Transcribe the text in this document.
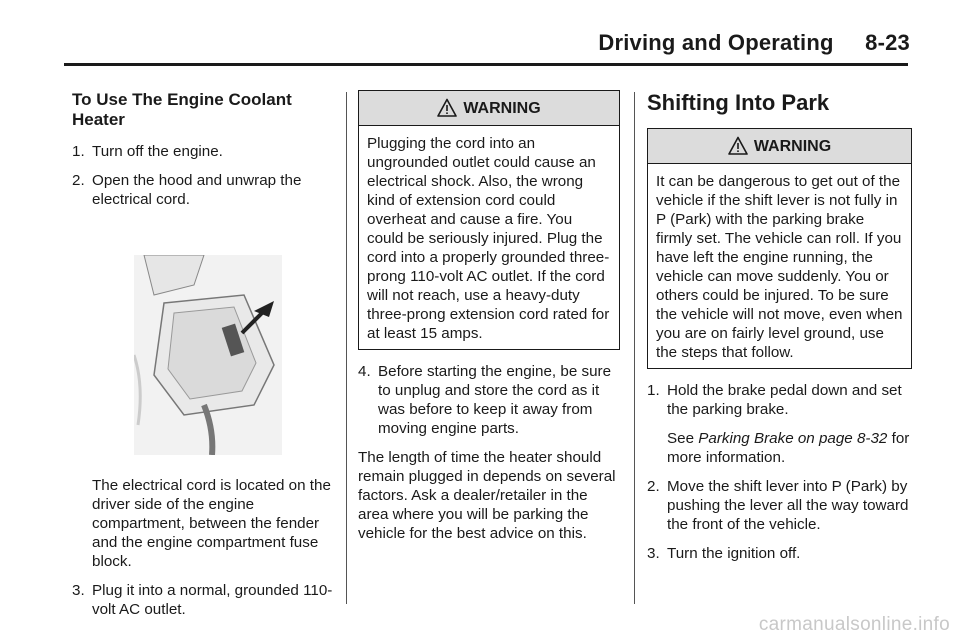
Driving and Operating     8-23
To Use The Engine Coolant Heater
1. Turn off the engine.
2. Open the hood and unwrap the electrical cord.
The electrical cord is located on the driver side of the engine compartment, between the fender and the engine compartment fuse block.
3. Plug it into a normal, grounded 110-volt AC outlet.
WARNING
Plugging the cord into an ungrounded outlet could cause an electrical shock. Also, the wrong kind of extension cord could overheat and cause a fire. You could be seriously injured. Plug the cord into a properly grounded three-prong 110-volt AC outlet. If the cord will not reach, use a heavy-duty three-prong extension cord rated for at least 15 amps.
4. Before starting the engine, be sure to unplug and store the cord as it was before to keep it away from moving engine parts.
The length of time the heater should remain plugged in depends on several factors. Ask a dealer/retailer in the area where you will be parking the vehicle for the best advice on this.
Shifting Into Park
WARNING
It can be dangerous to get out of the vehicle if the shift lever is not fully in P (Park) with the parking brake firmly set. The vehicle can roll. If you have left the engine running, the vehicle can move suddenly. You or others could be injured. To be sure the vehicle will not move, even when you are on fairly level ground, use the steps that follow.
1. Hold the brake pedal down and set the parking brake.
See Parking Brake on page 8-32 for more information.
2. Move the shift lever into P (Park) by pushing the lever all the way toward the front of the vehicle.
3. Turn the ignition off.
carmanualsonline.info
